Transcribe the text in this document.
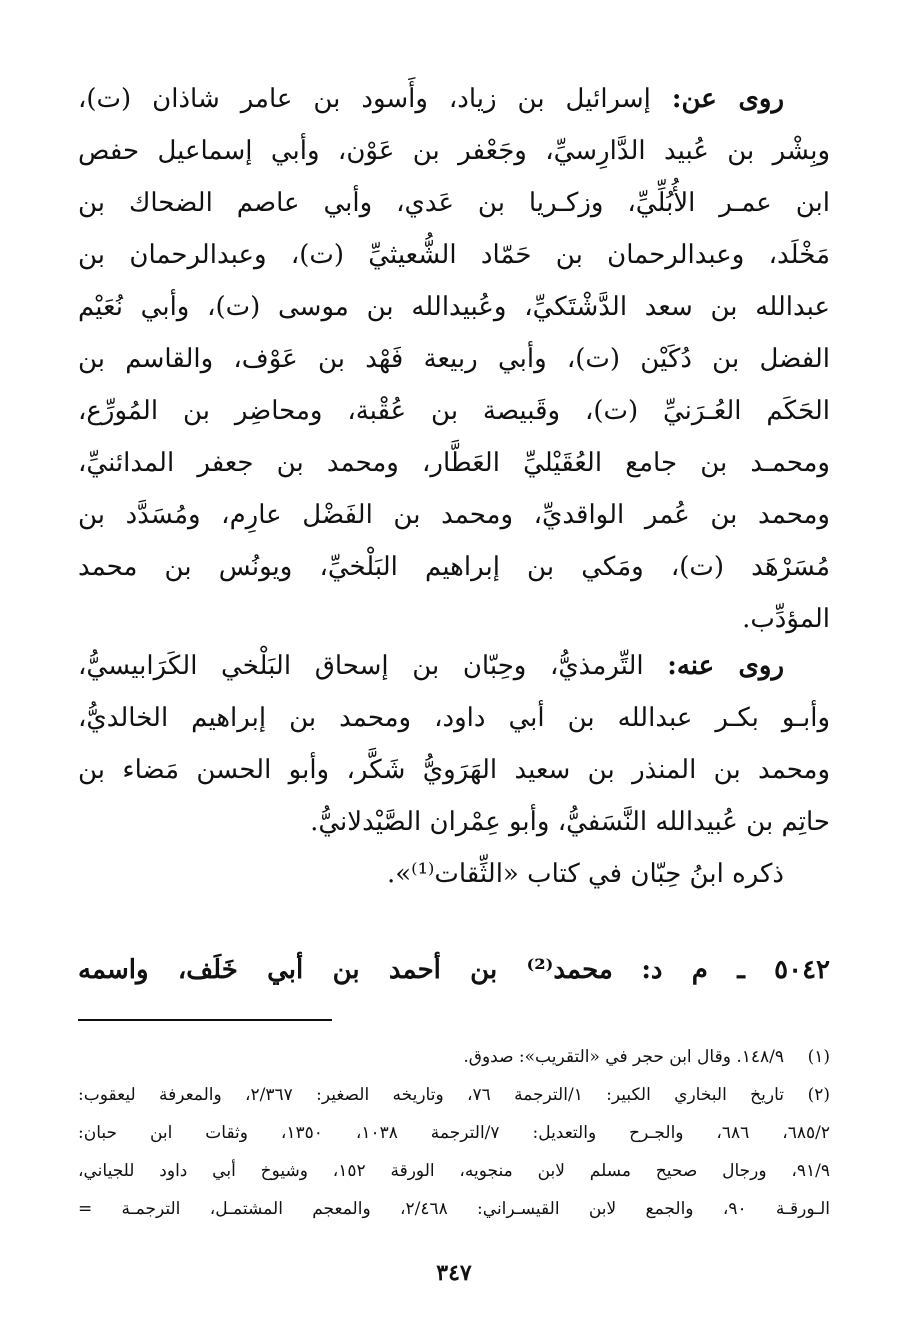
روى عن: إسرائيل بن زياد، وأَسود بن عامر شاذان (ت)،
وبِشْر بن عُبيد الدَّارِسيِّ، وجَعْفر بن عَوْن، وأبي إسماعيل حفص
ابن عمـر الأُبُلِّيِّ، وزكـريا بن عَدي، وأبي عاصم الضحاك بن
مَخْلَد، وعبدالرحمان بن حَمّاد الشُّعيثيِّ (ت)، وعبدالرحمان بن
عبدالله بن سعد الدَّشْتَكيِّ، وعُبيدالله بن موسى (ت)، وأبي نُعَيْم
الفضل بن دُكَيْن (ت)، وأبي ربيعة فَهْد بن عَوْف، والقاسم بن
الحَكَم العُـرَنيِّ (ت)، وقَبيصة بن عُقْبة، ومحاضِر بن المُورِّع،
ومحمـد بن جامع العُقَيْليِّ العَطَّار، ومحمد بن جعفر المدائنيِّ،
ومحمد بن عُمر الواقديِّ، ومحمد بن الفَضْل عارِم، ومُسَدَّد بن
مُسَرْهَد (ت)، ومَكي بن إبراهيم البَلْخيِّ، ويونُس بن محمد
المؤدِّب.
روى عنه: التِّرمذيُّ، وحِبّان بن إسحاق البَلْخي الكَرَابيسيُّ،
وأبـو بكـر عبدالله بن أبي داود، ومحمد بن إبراهيم الخالديُّ،
ومحمد بن المنذر بن سعيد الهَرَويُّ شَكَّر، وأبو الحسن مَضاء بن
حاتِم بن عُبيدالله النَّسَفيُّ، وأبو عِمْران الصَّيْدلانيُّ.
ذكره ابنُ حِبّان في كتاب «الثِّقات⁽¹⁾».
٥٠٤٢ ـ م د: محمد⁽²⁾ بن أحمد بن أبي خَلَف، واسمه
(١)١٤٨/٩. وقال ابن حجر في «التقريب»: صدوق.
(٢)تاريخ البخاري الكبير: ١/الترجمة ٧٦، وتاريخه الصغير: ٢/٣٦٧، والمعرفة ليعقوب:
٦٨٥/٢، ٦٨٦، والجـرح والتعديل: ٧/الترجمة ١٠٣٨، ١٣٥٠، وثقات ابن حبان:
٩١/٩، ورجال صحيح مسلم لابن منجويه، الورقة ١٥٢، وشيوخ أبي داود للجياني،
الـورقـة ٩٠، والجمع لابن القيسـراني: ٢/٤٦٨، والمعجم المشتمـل، الترجمـة =
٣٤٧
